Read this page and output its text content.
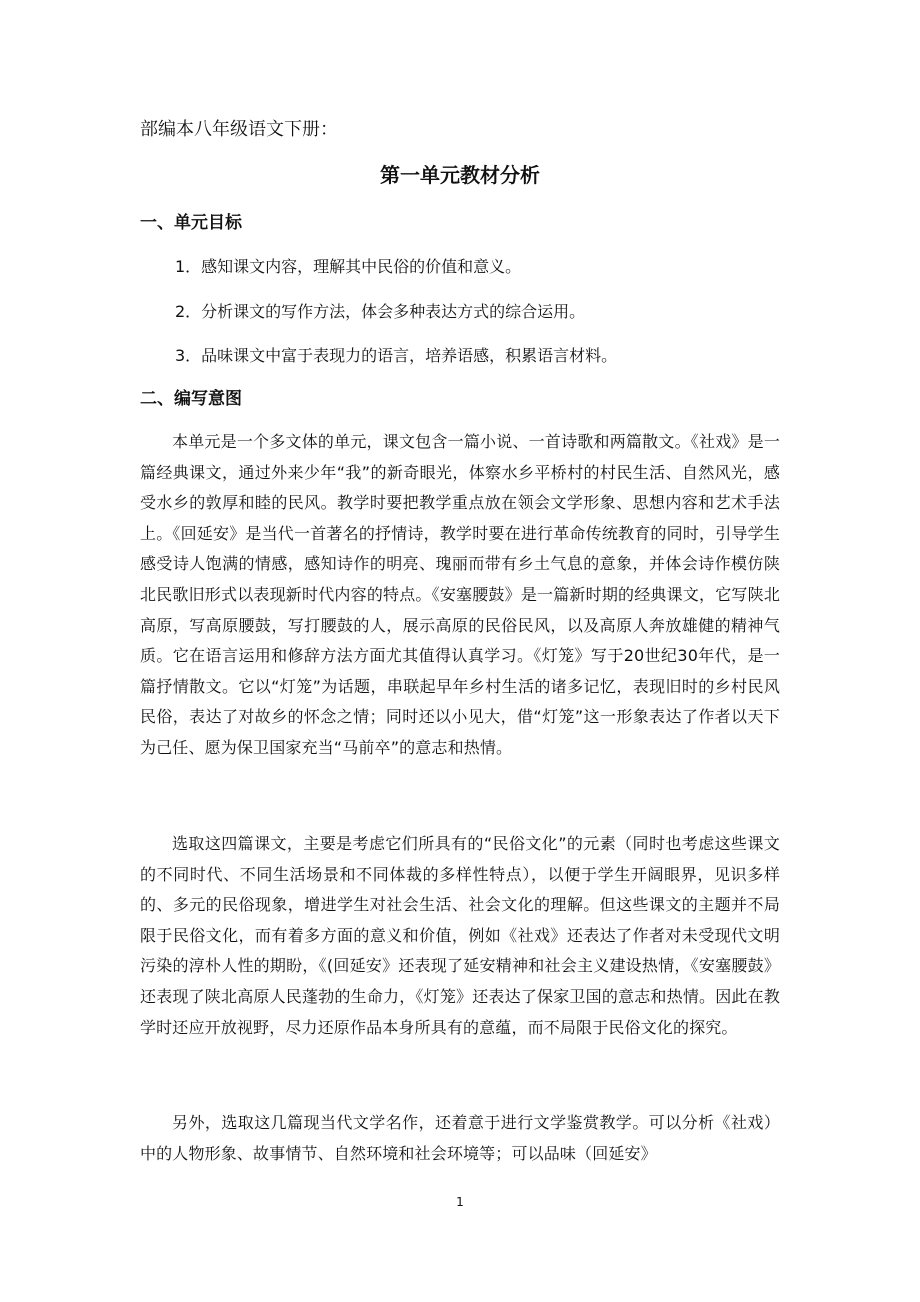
部编本八年级语文下册：
第一单元教材分析
一、单元目标
1．感知课文内容，理解其中民俗的价值和意义。
2．分析课文的写作方法，体会多种表达方式的综合运用。
3．品味课文中富于表现力的语言，培养语感，积累语言材料。
二、编写意图

本单元是一个多文体的单元，课文包含一篇小说、一首诗歌和两篇散文。《社戏》是一篇经典课文，通过外来少年“我”的新奇眼光，体察水乡平桥村的村民生活、自然风光，感受水乡的敦厚和睦的民风。教学时要把教学重点放在领会文学形象、思想内容和艺术手法上。《回延安》是当代一首著名的抒情诗，教学时要在进行革命传统教育的同时，引导学生感受诗人饱满的情感，感知诗作的明亮、瑰丽而带有乡土气息的意象，并体会诗作模仿陕北民歌旧形式以表现新时代内容的特点。《安塞腰鼓》是一篇新时期的经典课文，它写陕北高原，写高原腰鼓，写打腰鼓的人，展示高原的民俗民风，以及高原人奔放雄健的精神气质。它在语言运用和修辞方法方面尤其值得认真学习。《灯笼》写于20世纪30年代，是一篇抒情散文。它以“灯笼”为话题，串联起早年乡村生活的诸多记忆，表现旧时的乡村民风民俗，表达了对故乡的怀念之情；同时还以小见大，借“灯笼”这一形象表达了作者以天下为己任、愿为保卫国家充当“马前卒”的意志和热情。

选取这四篇课文，主要是考虑它们所具有的“民俗文化”的元素（同时也考虑这些课文的不同时代、不同生活场景和不同体裁的多样性特点），以便于学生开阔眼界，见识多样的、多元的民俗现象，增进学生对社会生活、社会文化的理解。但这些课文的主题并不局限于民俗文化，而有着多方面的意义和价值，例如《社戏》还表达了作者对未受现代文明污染的淳朴人性的期盼，《(回延安》还表现了延安精神和社会主义建设热情，《安塞腰鼓》还表现了陕北高原人民蓬勃的生命力，《灯笼》还表达了保家卫国的意志和热情。因此在教学时还应开放视野，尽力还原作品本身所具有的意蕴，而不局限于民俗文化的探究。

另外，选取这几篇现当代文学名作，还着意于进行文学鉴赏教学。可以分析《社戏）中的人物形象、故事情节、自然环境和社会环境等；可以品味（回延安》

1
